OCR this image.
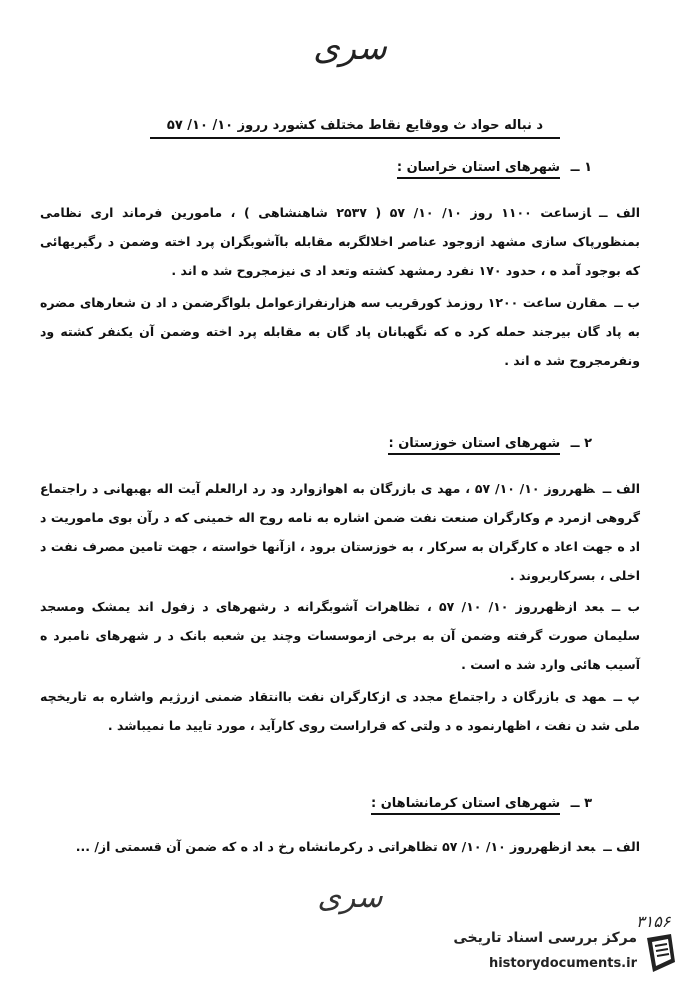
سری
د نباله حواد ث ووقایع نقاط مختلف کشورد رروز ۱۰/ ۱۰/ ۵۷
۱ ــ شهرهای استان خراسان :
الف ــازساعت ۱۱۰۰ روز ۱۰/ ۱۰/ ۵۷ ( ۲۵۳۷ شاهنشاهی ) ، مامورین فرماند اری نظامی بمنظورپاک سازی مشهد ازوجود عناصر اخلالگربه مقابله باآشوبگران پرد اخته وضمن د رگیریهائی که بوجود آمد ه ، حدود ۱۷۰ نفرد رمشهد کشته وتعد اد ی نیزمجروح شد ه اند .
ب ــمقارن ساعت ۱۲۰۰ روزمذ کورقریب سه هزارنفرازعوامل بلواگرضمن د اد ن شعارهای مضره به پاد گان بیرجند حمله کرد ه که نگهبانان پاد گان به مقابله پرد اخته وضمن آن یکنفر کشته ود ونفرمجروح شد ه اند .
۲ ــ شهرهای استان خوزستان :
الف ــظهرروز ۱۰/ ۱۰/ ۵۷ ، مهد ی بازرگان به اهوازوارد ود رد ارالعلم آیت اله بهبهانی د راجتماع گروهی ازمرد م وکارگران صنعت نفت ضمن اشاره به نامه روح اله خمینی که د رآن بوی ماموریت د اد ه جهت اعاد ه کارگران به سرکار ، به خوزستان برود ، ازآنها خواسته ، جهت تامین مصرف نفت د اخلی ، بسرکاربروند .
ب ــبعد ازظهرروز ۱۰/ ۱۰/ ۵۷ ، تظاهرات آشوبگرانه د رشهرهای د زفول اند یمشک ومسجد سلیمان صورت گرفته وضمن آن به برخی ازموسسات وچند ین شعبه بانک د ر شهرهای نامبرد ه آسیب هائی وارد شد ه است .
پ ــمهد ی بازرگان د راجتماع مجدد ی ازکارگران نفت باانتقاد ضمنی ازرژیم واشاره به تاریخچه ملی شد ن نفت ، اظهارنمود ه د ولتی که قراراست روی کارآید ، مورد تایید ما نمیباشد .
۳ ــ شهرهای استان کرمانشاهان :
الف ــبعد ازظهرروز ۱۰/ ۱۰/ ۵۷ تظاهراتی د رکرمانشاه رخ د اد ه که ضمن آن قسمتی از/ ...
سری
۳۱۵۶
مرکز بررسی اسناد تاریخی
historydocuments.ir
